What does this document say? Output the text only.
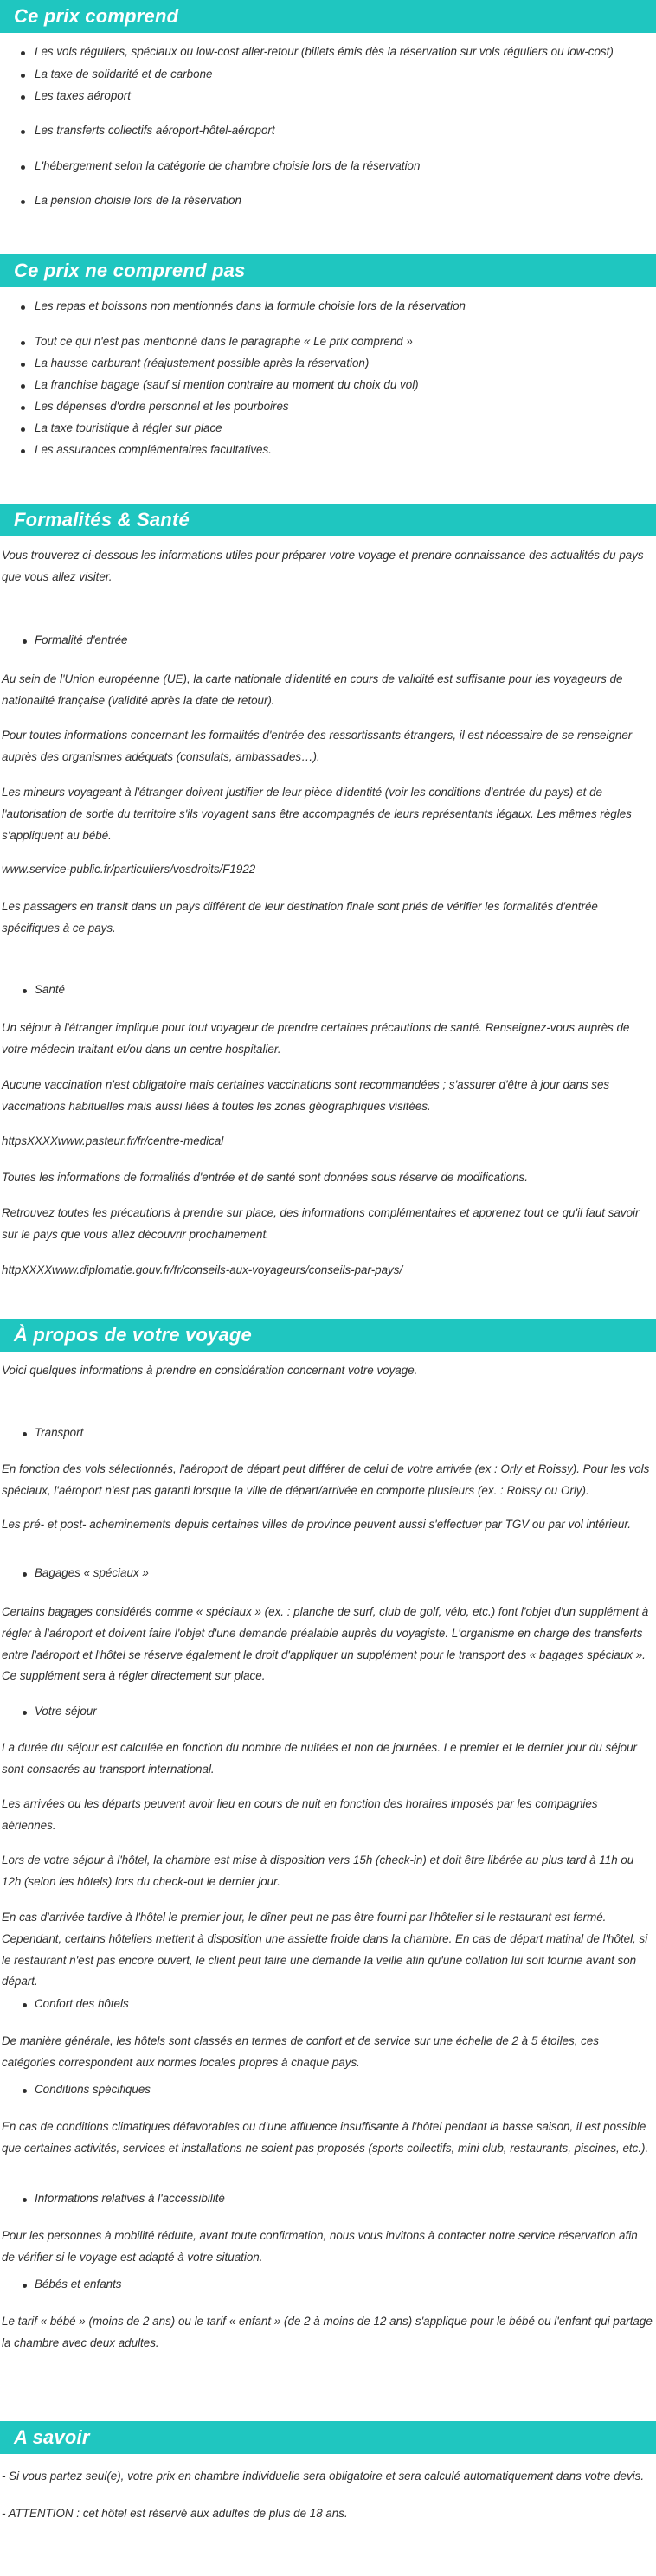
Ce prix comprend
Les vols réguliers, spéciaux ou low-cost aller-retour (billets émis dès la réservation sur vols réguliers ou low-cost)
La taxe de solidarité et de carbone
Les taxes aéroport
Les transferts collectifs aéroport-hôtel-aéroport
L'hébergement selon la catégorie de chambre choisie lors de la réservation
La pension choisie lors de la réservation
Ce prix ne comprend pas
Les repas et boissons non mentionnés dans la formule choisie lors de la réservation
Tout ce qui n'est pas mentionné dans le paragraphe « Le prix comprend »
La hausse carburant (réajustement possible après la réservation)
La franchise bagage (sauf si mention contraire au moment du choix du vol)
Les dépenses d'ordre personnel et les pourboires
La taxe touristique à régler sur place
Les assurances complémentaires facultatives.
Formalités & Santé

Vous trouverez ci-dessous les informations utiles pour préparer votre voyage et prendre connaissance des actualités du pays que vous allez visiter.

Formalité d'entrée

Au sein de l'Union européenne (UE), la carte nationale d'identité en cours de validité est suffisante pour les voyageurs de nationalité française (validité après la date de retour).

Pour toutes informations concernant les formalités d'entrée des ressortissants étrangers, il est nécessaire de se renseigner auprès des organismes adéquats (consulats, ambassades…).

Les mineurs voyageant à l'étranger doivent justifier de leur pièce d'identité (voir les conditions d'entrée du pays) et de l'autorisation de sortie du territoire s'ils voyagent sans être accompagnés de leurs représentants légaux. Les mêmes règles s'appliquent au bébé.

www.service-public.fr/particuliers/vosdroits/F1922

Les passagers en transit dans un pays différent de leur destination finale sont priés de vérifier les formalités d'entrée spécifiques à ce pays.

Santé

Un séjour à l'étranger implique pour tout voyageur de prendre certaines précautions de santé. Renseignez-vous auprès de votre médecin traitant et/ou dans un centre hospitalier.

Aucune vaccination n'est obligatoire mais certaines vaccinations sont recommandées ; s'assurer d'être à jour dans ses vaccinations habituelles mais aussi liées à toutes les zones géographiques visitées.

httpsXXXXwww.pasteur.fr/fr/centre-medical

Toutes les informations de formalités d'entrée et de santé sont données sous réserve de modifications.

Retrouvez toutes les précautions à prendre sur place, des informations complémentaires et apprenez tout ce qu'il faut savoir sur le pays que vous allez découvrir prochainement.

httpXXXXwww.diplomatie.gouv.fr/fr/conseils-aux-voyageurs/conseils-par-pays/

À propos de votre voyage

Voici quelques informations à prendre en considération concernant votre voyage.

Transport

En fonction des vols sélectionnés, l'aéroport de départ peut différer de celui de votre arrivée (ex : Orly et Roissy). Pour les vols spéciaux, l'aéroport n'est pas garanti lorsque la ville de départ/arrivée en comporte plusieurs (ex. : Roissy ou Orly).

Les pré- et post- acheminements depuis certaines villes de province peuvent aussi s'effectuer par TGV ou par vol intérieur.

Bagages « spéciaux »

Certains bagages considérés comme « spéciaux » (ex. : planche de surf, club de golf, vélo, etc.) font l'objet d'un supplément à régler à l'aéroport et doivent faire l'objet d'une demande préalable auprès du voyagiste. L'organisme en charge des transferts entre l'aéroport et l'hôtel se réserve également le droit d'appliquer un supplément pour le transport des « bagages spéciaux ». Ce supplément sera à régler directement sur place.

Votre séjour

La durée du séjour est calculée en fonction du nombre de nuitées et non de journées. Le premier et le dernier jour du séjour sont consacrés au transport international.

Les arrivées ou les départs peuvent avoir lieu en cours de nuit en fonction des horaires imposés par les compagnies aériennes.

Lors de votre séjour à l'hôtel, la chambre est mise à disposition vers 15h (check-in) et doit être libérée au plus tard à 11h ou 12h (selon les hôtels) lors du check-out le dernier jour.

En cas d'arrivée tardive à l'hôtel le premier jour, le dîner peut ne pas être fourni par l'hôtelier si le restaurant est fermé. Cependant, certains hôteliers mettent à disposition une assiette froide dans la chambre. En cas de départ matinal de l'hôtel, si le restaurant n'est pas encore ouvert, le client peut faire une demande la veille afin qu'une collation lui soit fournie avant son départ.

Confort des hôtels

De manière générale, les hôtels sont classés en termes de confort et de service sur une échelle de 2 à 5 étoiles, ces catégories correspondent aux normes locales propres à chaque pays.

Conditions spécifiques

En cas de conditions climatiques défavorables ou d'une affluence insuffisante à l'hôtel pendant la basse saison, il est possible que certaines activités, services et installations ne soient pas proposés (sports collectifs, mini club, restaurants, piscines, etc.).

Informations relatives à l'accessibilité

Pour les personnes à mobilité réduite, avant toute confirmation, nous vous invitons à contacter notre service réservation afin de vérifier si le voyage est adapté à votre situation.

Bébés et enfants

Le tarif « bébé » (moins de 2 ans) ou le tarif « enfant » (de 2 à moins de 12 ans) s'applique pour le bébé ou l'enfant qui partage la chambre avec deux adultes.

A savoir

- Si vous partez seul(e), votre prix en chambre individuelle sera obligatoire et sera calculé automatiquement dans votre devis.

- ATTENTION : cet hôtel est réservé aux adultes de plus de 18 ans.
